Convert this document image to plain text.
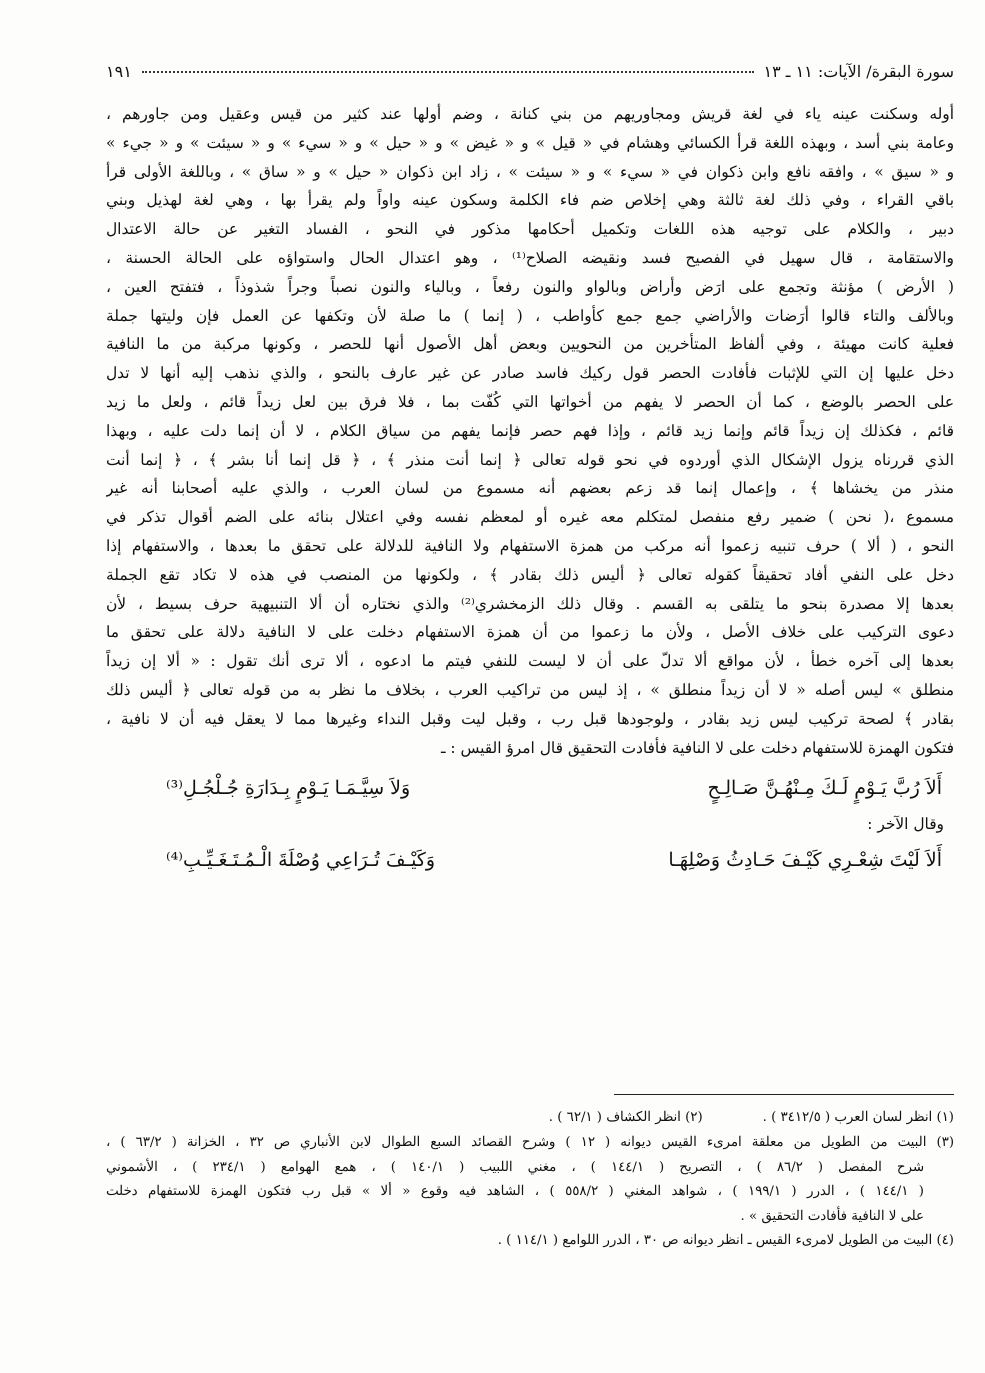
سورة البقرة/ الآيات: ١١ ـ ١٣
١٩١
أوله وسكنت عينه ياء في لغة قريش ومجاوريهم من بني كنانة ، وضم أولها عند كثير من قيس وعقيل ومن جاورهم ،
وعامة بني أسد ، وبهذه اللغة قرأ الكسائي وهشام في « قيل » و « غيض » و « حيل » و « سيء » و « سيئت » و « جيء »
و « سيق » ، وافقه نافع وابن ذكوان في « سيء » و « سيئت » ، زاد ابن ذكوان « حيل » و « ساق » ، وباللغة الأولى قرأ
باقي القراء ، وفي ذلك لغة ثالثة وهي إخلاص ضم فاء الكلمة وسكون عينه واواً ولم يقرأ بها ، وهي لغة لهذيل وبني
دبير ، والكلام على توجيه هذه اللغات وتكميل أحكامها مذكور في النحو ، الفساد التغير عن حالة الاعتدال
والاستقامة ، قال سهيل في الفصيح فسد ونقيضه الصلاح⁽¹⁾ ، وهو اعتدال الحال واستواؤه على الحالة الحسنة ،
( الأرض ) مؤنثة وتجمع على ارَض وأراض وبالواو والنون رفعاً ، وبالياء والنون نصباً وجراً شذوذاً ، فتفتح العين ،
وبالألف والتاء قالوا أرَضات والأراضي جمع جمع كأواطب ، ( إنما ) ما صلة لأن وتكفها عن العمل فإن وليتها جملة
فعلية كانت مهيئة ، وفي ألفاظ المتأخرين من النحويين وبعض أهل الأصول أنها للحصر ، وكونها مركبة من ما النافية
دخل عليها إن التي للإثبات فأفادت الحصر قول ركيك فاسد صادر عن غير عارف بالنحو ، والذي نذهب إليه أنها لا تدل
على الحصر بالوضع ، كما أن الحصر لا يفهم من أخواتها التي كُفّت بما ، فلا فرق بين لعل زيداً قائم ، ولعل ما زيد
قائم ، فكذلك إن زيداً قائم وإنما زيد قائم ، وإذا فهم حصر فإنما يفهم من سياق الكلام ، لا أن إنما دلت عليه ، وبهذا
الذي قررناه يزول الإشكال الذي أوردوه في نحو قوله تعالى ﴿ إنما أنت منذر ﴾ ، ﴿ قل إنما أنا بشر ﴾ ، ﴿ إنما أنت
منذر من يخشاها ﴾ ، وإعمال إنما قد زعم بعضهم أنه مسموع من لسان العرب ، والذي عليه أصحابنا أنه غير
مسموع ،( نحن ) ضمير رفع منفصل لمتكلم معه غيره أو لمعظم نفسه وفي اعتلال بنائه على الضم أقوال تذكر في
النحو ، ( ألا ) حرف تنبيه زعموا أنه مركب من همزة الاستفهام ولا النافية للدلالة على تحقق ما بعدها ، والاستفهام إذا
دخل على النفي أفاد تحقيقاً كقوله تعالى ﴿ أليس ذلك بقادر ﴾ ، ولكونها من المنصب في هذه لا تكاد تقع الجملة
بعدها إلا مصدرة بنحو ما يتلقى به القسم . وقال ذلك الزمخشري⁽²⁾ والذي نختاره أن ألا التنبيهية حرف بسيط ، لأن
دعوى التركيب على خلاف الأصل ، ولأن ما زعموا من أن همزة الاستفهام دخلت على لا النافية دلالة على تحقق ما
بعدها إلى آخره خطأ ، لأن مواقع ألا تدلّ على أن لا ليست للنفي فيتم ما ادعوه ، ألا ترى أنك تقول : « ألا إن زيداً
منطلق » ليس أصله « لا أن زيداً منطلق » ، إذ ليس من تراكيب العرب ، بخلاف ما نظر به من قوله تعالى ﴿ أليس ذلك
بقادر ﴾ لصحة تركيب ليس زيد بقادر ، ولوجودها قبل رب ، وقبل ليت وقبل النداء وغيرها مما لا يعقل فيه أن لا نافية ،
فتكون الهمزة للاستفهام دخلت على لا النافية فأفادت التحقيق قال امرؤ القيس : ـ
أَلاَ رُبَّ يَـوْمٍ لَـكَ مِـنْهُـنَّ صَـالِـحٍ
وَلاَ سِيَّـمَـا يَـوْمٍ بِـدَارَةِ جُـلْجُـلِ⁽³⁾
وقال الآخر :
أَلاَ لَيْتَ شِعْـرِي كَيْـفَ حَـادِثُ وَصْلِهَـا
وَكَيْـفَ تُـرَاعِي وُصْلَةَ الْـمُـتَـغَـيِّـبِ⁽⁴⁾
(١) انظر لسان العرب ( ٣٤١٢/٥ ) .
(٢) انظر الكشاف ( ٦٢/١ ) .
(٣) البيت من الطويل من معلقة امرىء القيس ديوانه ( ١٢ ) وشرح القصائد السبع الطوال لابن الأنباري ص ٣٢ ، الخزانة ( ٦٣/٢ ) ،
شرح المفصل ( ٨٦/٢ ) ، التصريح ( ١٤٤/١ ) ، مغني اللبيب ( ١٤٠/١ ) ، همع الهوامع ( ٢٣٤/١ ) ، الأشموني
( ١٤٤/١ ) ، الدرر ( ١٩٩/١ ) ، شواهد المغني ( ٥٥٨/٢ ) ، الشاهد فيه وقوع « ألا » قبل رب فتكون الهمزة للاستفهام دخلت
على لا النافية فأفادت التحقيق » .
(٤) البيت من الطويل لامرىء القيس ـ انظر ديوانه ص ٣٠ ، الدرر اللوامع ( ١١٤/١ ) .
